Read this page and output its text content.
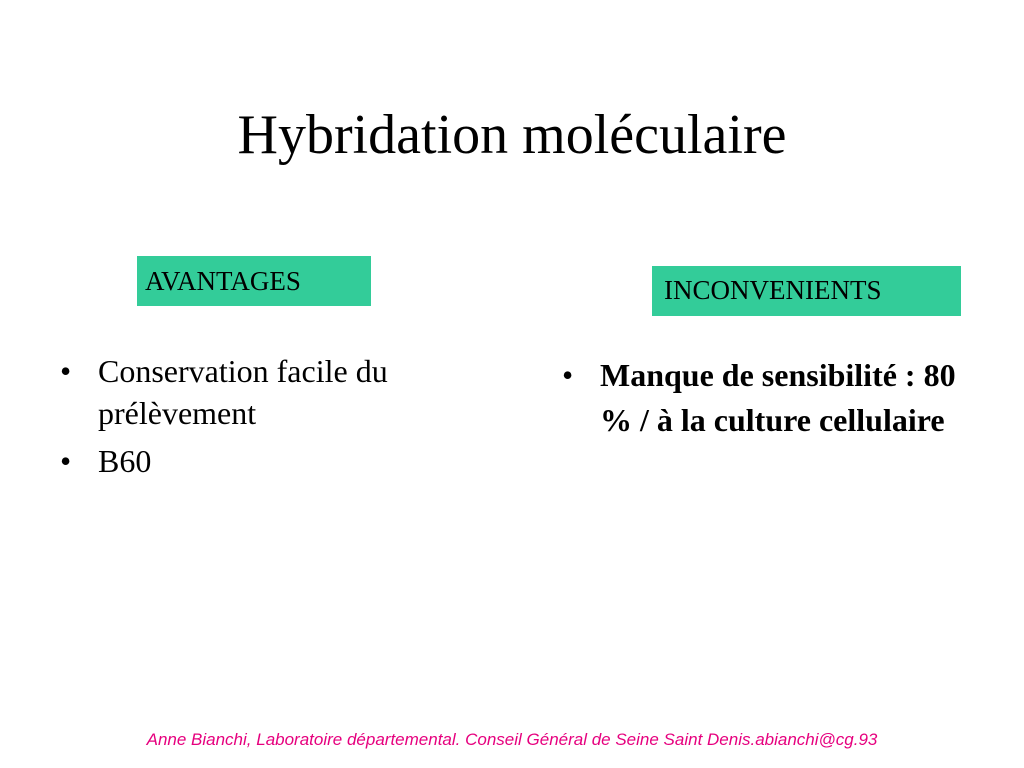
Hybridation moléculaire
AVANTAGES	INCONVENIENTS
• Conservation facile du prélèvement
• B60
• Manque de sensibilité : 80 % / à la culture cellulaire
Anne Bianchi, Laboratoire départemental. Conseil Général de Seine Saint Denis.abianchi@cg.93
